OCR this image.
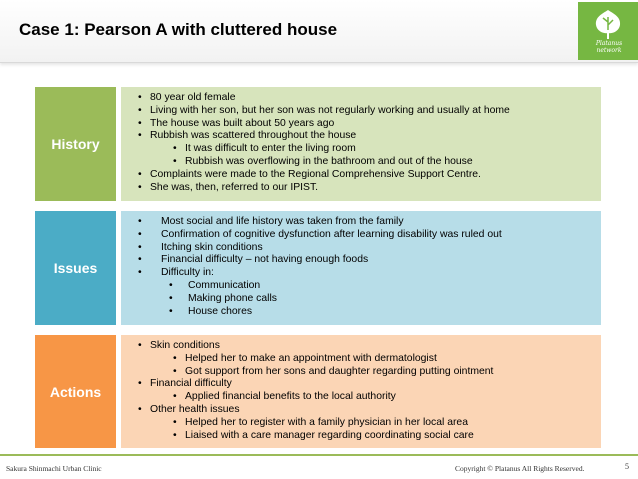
Case 1: Pearson A with cluttered house
Platanus
network
History
• 80 year old female
• Living with her son, but her son was not regularly working and usually at home
• The house was built about 50 years ago
• Rubbish was scattered throughout the house
• It was difficult to enter the living room
• Rubbish was overflowing in the bathroom and out of the house
• Complaints were made to the Regional Comprehensive Support Centre.
• She was, then, referred to our IPIST.
Issues
• Most social and life history was taken from the family
• Confirmation of cognitive dysfunction after learning disability was ruled out
• Itching skin conditions
• Financial difficulty – not having enough foods
• Difficulty in:
• Communication
• Making phone calls
• House chores
Actions
• Skin conditions
• Helped her to make an appointment with dermatologist
• Got support from her sons and daughter regarding putting ointment
• Financial difficulty
• Applied financial benefits to the local authority
• Other health issues
• Helped her to register with a family physician in her local area
• Liaised with a care manager regarding coordinating social care
Sakura Shinmachi Urban Clinic	Copyright © Platanus All Rights Reserved.	5
